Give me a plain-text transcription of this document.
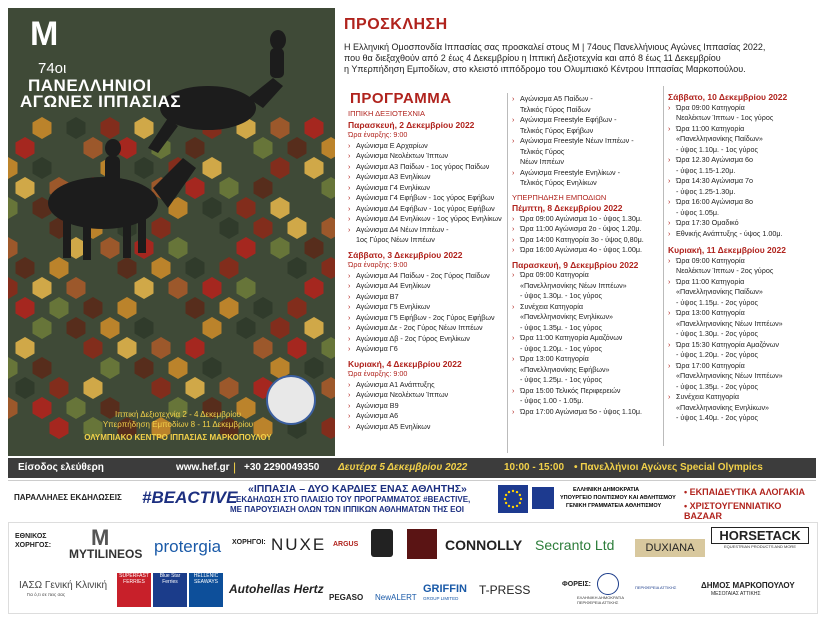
M
74οι
ΠΑΝΕΛΛΗΝΙΟΙ
ΑΓΩΝΕΣ ΙΠΠΑΣΙΑΣ
Ιππική Δεξιοτεχνία 2 - 4 Δεκεμβρίου
Υπερπήδηση Εμποδίων 8 - 11 Δεκεμβρίου
ΟΛΥΜΠΙΑΚΟ ΚΕΝΤΡΟ ΙΠΠΑΣΙΑΣ ΜΑΡΚΟΠΟΥΛΟΥ
ΠΡΟΣΚΛΗΣΗ
Η Ελληνική Ομοσπονδία Ιππασίας σας προσκαλεί στους Μ | 74ους Πανελλήνιους Αγώνες Ιππασίας 2022,
που θα διεξαχθούν από 2 έως 4 Δεκεμβρίου η Ιππική Δεξιοτεχνία και από 8 έως 11 Δεκεμβρίου
η Υπερπήδηση Εμποδίων, στο κλειστό ιππόδρομο του Ολυμπιακό Κέντρου Ιππασίας Μαρκοπούλου.
ΠΡΟΓΡΑΜΜΑ
ΙΠΠΙΚΗ ΔΕΞΙΟΤΕΧΝΙΑ
Παρασκευή, 2 Δεκεμβρίου 2022
Ώρα έναρξης: 9:00
› Αγώνισμα Ε Αρχαρίων
› Αγώνισμα Νεολέκτων Ίππων
› Αγώνισμα Α3 Παίδων - 1ος γύρος Παίδων
› Αγώνισμα Α3 Ενηλίκων
› Αγώνισμα Γ4 Ενηλίκων
› Αγώνισμα Γ4 Εφήβων - 1ος γύρος Εφήβων
› Αγώνισμα Δ4 Εφήβων - 1ος γύρος Εφήβων
› Αγώνισμα Δ4 Ενηλίκων - 1ος γύρος Ενηλίκων
› Αγώνισμα Δ4 Νέων Ιππέων -
1ος Γύρος Νέων Ιππέων
Σάββατο, 3 Δεκεμβρίου 2022
Ώρα έναρξης: 9:00
› Αγώνισμα Α4 Παίδων - 2ος Γύρος Παίδων
› Αγώνισμα Α4 Ενηλίκων
› Αγώνισμα Β7
› Αγώνισμα Γ5 Ενηλίκων
› Αγώνισμα Γ5 Εφήβων - 2ος Γύρος Εφήβων
› Αγώνισμα Δε - 2ος Γύρος Νέων Ιππέων
› Αγώνισμα Δβ - 2ος Γύρος Ενηλίκων
› Αγώνισμα Γ6
Κυριακή, 4 Δεκεμβρίου 2022
Ώρα έναρξης: 9:00
› Αγώνισμα Α1 Ανάπτυξης
› Αγώνισμα Νεολέκτων Ίππων
› Αγώνισμα Β9
› Αγώνισμα Α6
› Αγώνισμα Α5 Ενηλίκων
› Αγώνισμα Α5 Παίδων -
Τελικός Γύρος Παίδων
› Αγώνισμα Freestyle Εφήβων -
Τελικός Γύρος Εφήβων
› Αγώνισμα Freestyle Νέων Ιππέων -
Τελικός Γύρος
Νέων Ιππέων
› Αγώνισμα Freestyle Ενηλίκων -
Τελικός Γύρος Ενηλίκων
ΥΠΕΡΠΗΔΗΣΗ ΕΜΠΟΔΙΩΝ
Πέμπτη, 8 Δεκεμβρίου 2022
› Ώρα 09:00 Αγώνισμα 1ο - ύψος 1.30μ.
› Ώρα 11:00 Αγώνισμα 2ο - ύψος 1.20μ.
› Ώρα 14:00 Κατηγορία 3ο - ύψος 0,80μ.
› Ώρα 16:00 Αγώνισμα 4ο - ύψος 1.00μ.
Παρασκευή, 9 Δεκεμβρίου 2022
› Ώρα 09:00 Κατηγορία
«Πανελληνιονίκης Νέων Ιππέων»
- ύψος 1.30μ. - 1ος γύρος
› Συνέχεια Κατηγορία
«Πανελληνιονίκης Ενηλίκων»
- ύψος 1.35μ. - 1ος γύρος
› Ώρα 11:00 Κατηγορία Αμαζόνων
- ύψος 1.20μ. - 1ος γύρος
› Ώρα 13:00 Κατηγορία
«Πανελληνιονίκης Εφήβων»
- ύψος 1.25μ. - 1ος γύρος
› Ώρα 15:00 Τελικός Περιφερειών
- ύψος 1.00 - 1.05μ.
› Ώρα 17:00 Αγώνισμα 5ο - ύψος 1.10μ.
Σάββατο, 10 Δεκεμβρίου 2022
› Ώρα 09:00 Κατηγορία
Νεολέκτων Ίππων - 1ος γύρος
› Ώρα 11:00 Κατηγορία
«Πανελληνιονίκης Παίδων»
- ύψος 1.10μ. - 1ος γύρος
› Ώρα 12.30 Αγώνισμα 6ο
- ύψος 1.15-1.20μ.
› Ώρα 14:30 Αγώνισμα 7ο
- ύψος 1.25-1.30μ.
› Ώρα 16:00 Αγώνισμα 8ο
- ύψος 1.05μ.
› Ώρα 17:30 Ομαδικό
› Εθνικής Ανάπτυξης - ύψος 1.00μ.
Κυριακή, 11 Δεκεμβρίου 2022
› Ώρα 09:00 Κατηγορία
Νεολέκτων Ίππων - 2ος γύρος
› Ώρα 11:00 Κατηγορία
«Πανελληνιονίκης Παίδων»
- ύψος 1.15μ. - 2ος γύρος
› Ώρα 13:00 Κατηγορία
«Πανελληνιονίκης Νέων Ιππέων»
- ύψος 1.30μ. - 2ος γύρος
› Ώρα 15:30 Κατηγορία Αμαζόνων
- ύψος 1.20μ. - 2ος γύρος
› Ώρα 17:00 Κατηγορία
«Πανελληνιονίκης Νέων Ιππέων»
- ύψος 1.35μ. - 2ος γύρος
› Συνέχεια Κατηγορία
«Πανελληνιονίκης Ενηλίκων»
- ύψος 1.40μ. - 2ος γύρος
Είσοδος ελεύθερη	www.hef.gr | +30 2290049350 Δευτέρα 5 Δεκεμβρίου 2022	10:00 - 15:00 • Πανελλήνιοι Αγώνες Special Olympics
ΠΑΡΑΛΛΗΛΕΣ ΕΚΔΗΛΩΣΕΙΣ #BEACTIVE «ΙΠΠΑΣΙΑ – ΔΥΟ ΚΑΡΔΙΕΣ ΕΝΑΣ ΑΘΛΗΤΗΣ»
ΕΚΔΗΛΩΣΗ ΣΤΟ ΠΛΑΙΣΙΟ ΤΟΥ ΠΡΟΓΡΑΜΜΑΤΟΣ #BEACTIVE,
ΜΕ ΠΑΡΟΥΣΙΑΣΗ ΟΛΩΝ ΤΩΝ ΙΠΠΙΚΩΝ ΑΘΛΗΜΑΤΩΝ ΤΗΣ ΕΟΙ
ΕΛΛΗΝΙΚΗ ΔΗΜΟΚΡΑΤΙΑ
ΥΠΟΥΡΓΕΙΟ ΠΟΛΙΤΙΣΜΟΥ ΚΑΙ ΑΘΛΗΤΙΣΜΟΥ
ΓΕΝΙΚΗ ΓΡΑΜΜΑΤΕΙΑ ΑΘΛΗΤΙΣΜΟΥ
• ΕΚΠΑΙΔΕΥΤΙΚΑ ΑΛΟΓΑΚΙΑ
• ΧΡΙΣΤΟΥΓΕΝΝΙΑΤΙΚΟ BAZAAR
ΕΘΝΙΚΟΣ
ΧΟΡΗΓΟΣ: M
MYTILINEOS protergia ΧΟΡΗΓΟΙ: NUXE ARGUS	CONNOLLY Secranto Ltd	DUXIANA
HORSETACK
EQUESTRIAN PRODUCTS AND MORE
ΙΑΣΩ Γενική Κλινική
Για ό,τι σε πεις σας
SUPERFAST FERRIES
Blue Star Ferries
HELLENIC SEAWAYS Autohellas Hertz
PEGASO NewALERT
GRIFFIN
GROUP LIMITED
T-PRESS	ΦΟΡΕΙΣ:
ΕΛΛΗΝΙΚΗ ΔΗΜΟΚΡΑΤΙΑ
ΠΕΡΙΦΕΡΕΙΑ ΑΤΤΙΚΗΣ
ΠΕΡΙΦΕΡΕΙΑ ΑΤΤΙΚΗΣ	ΔΗΜΟΣ ΜΑΡΚΟΠΟΥΛΟΥ
ΜΕΣΟΓΑΙΑΣ ΑΤΤΙΚΗΣ
